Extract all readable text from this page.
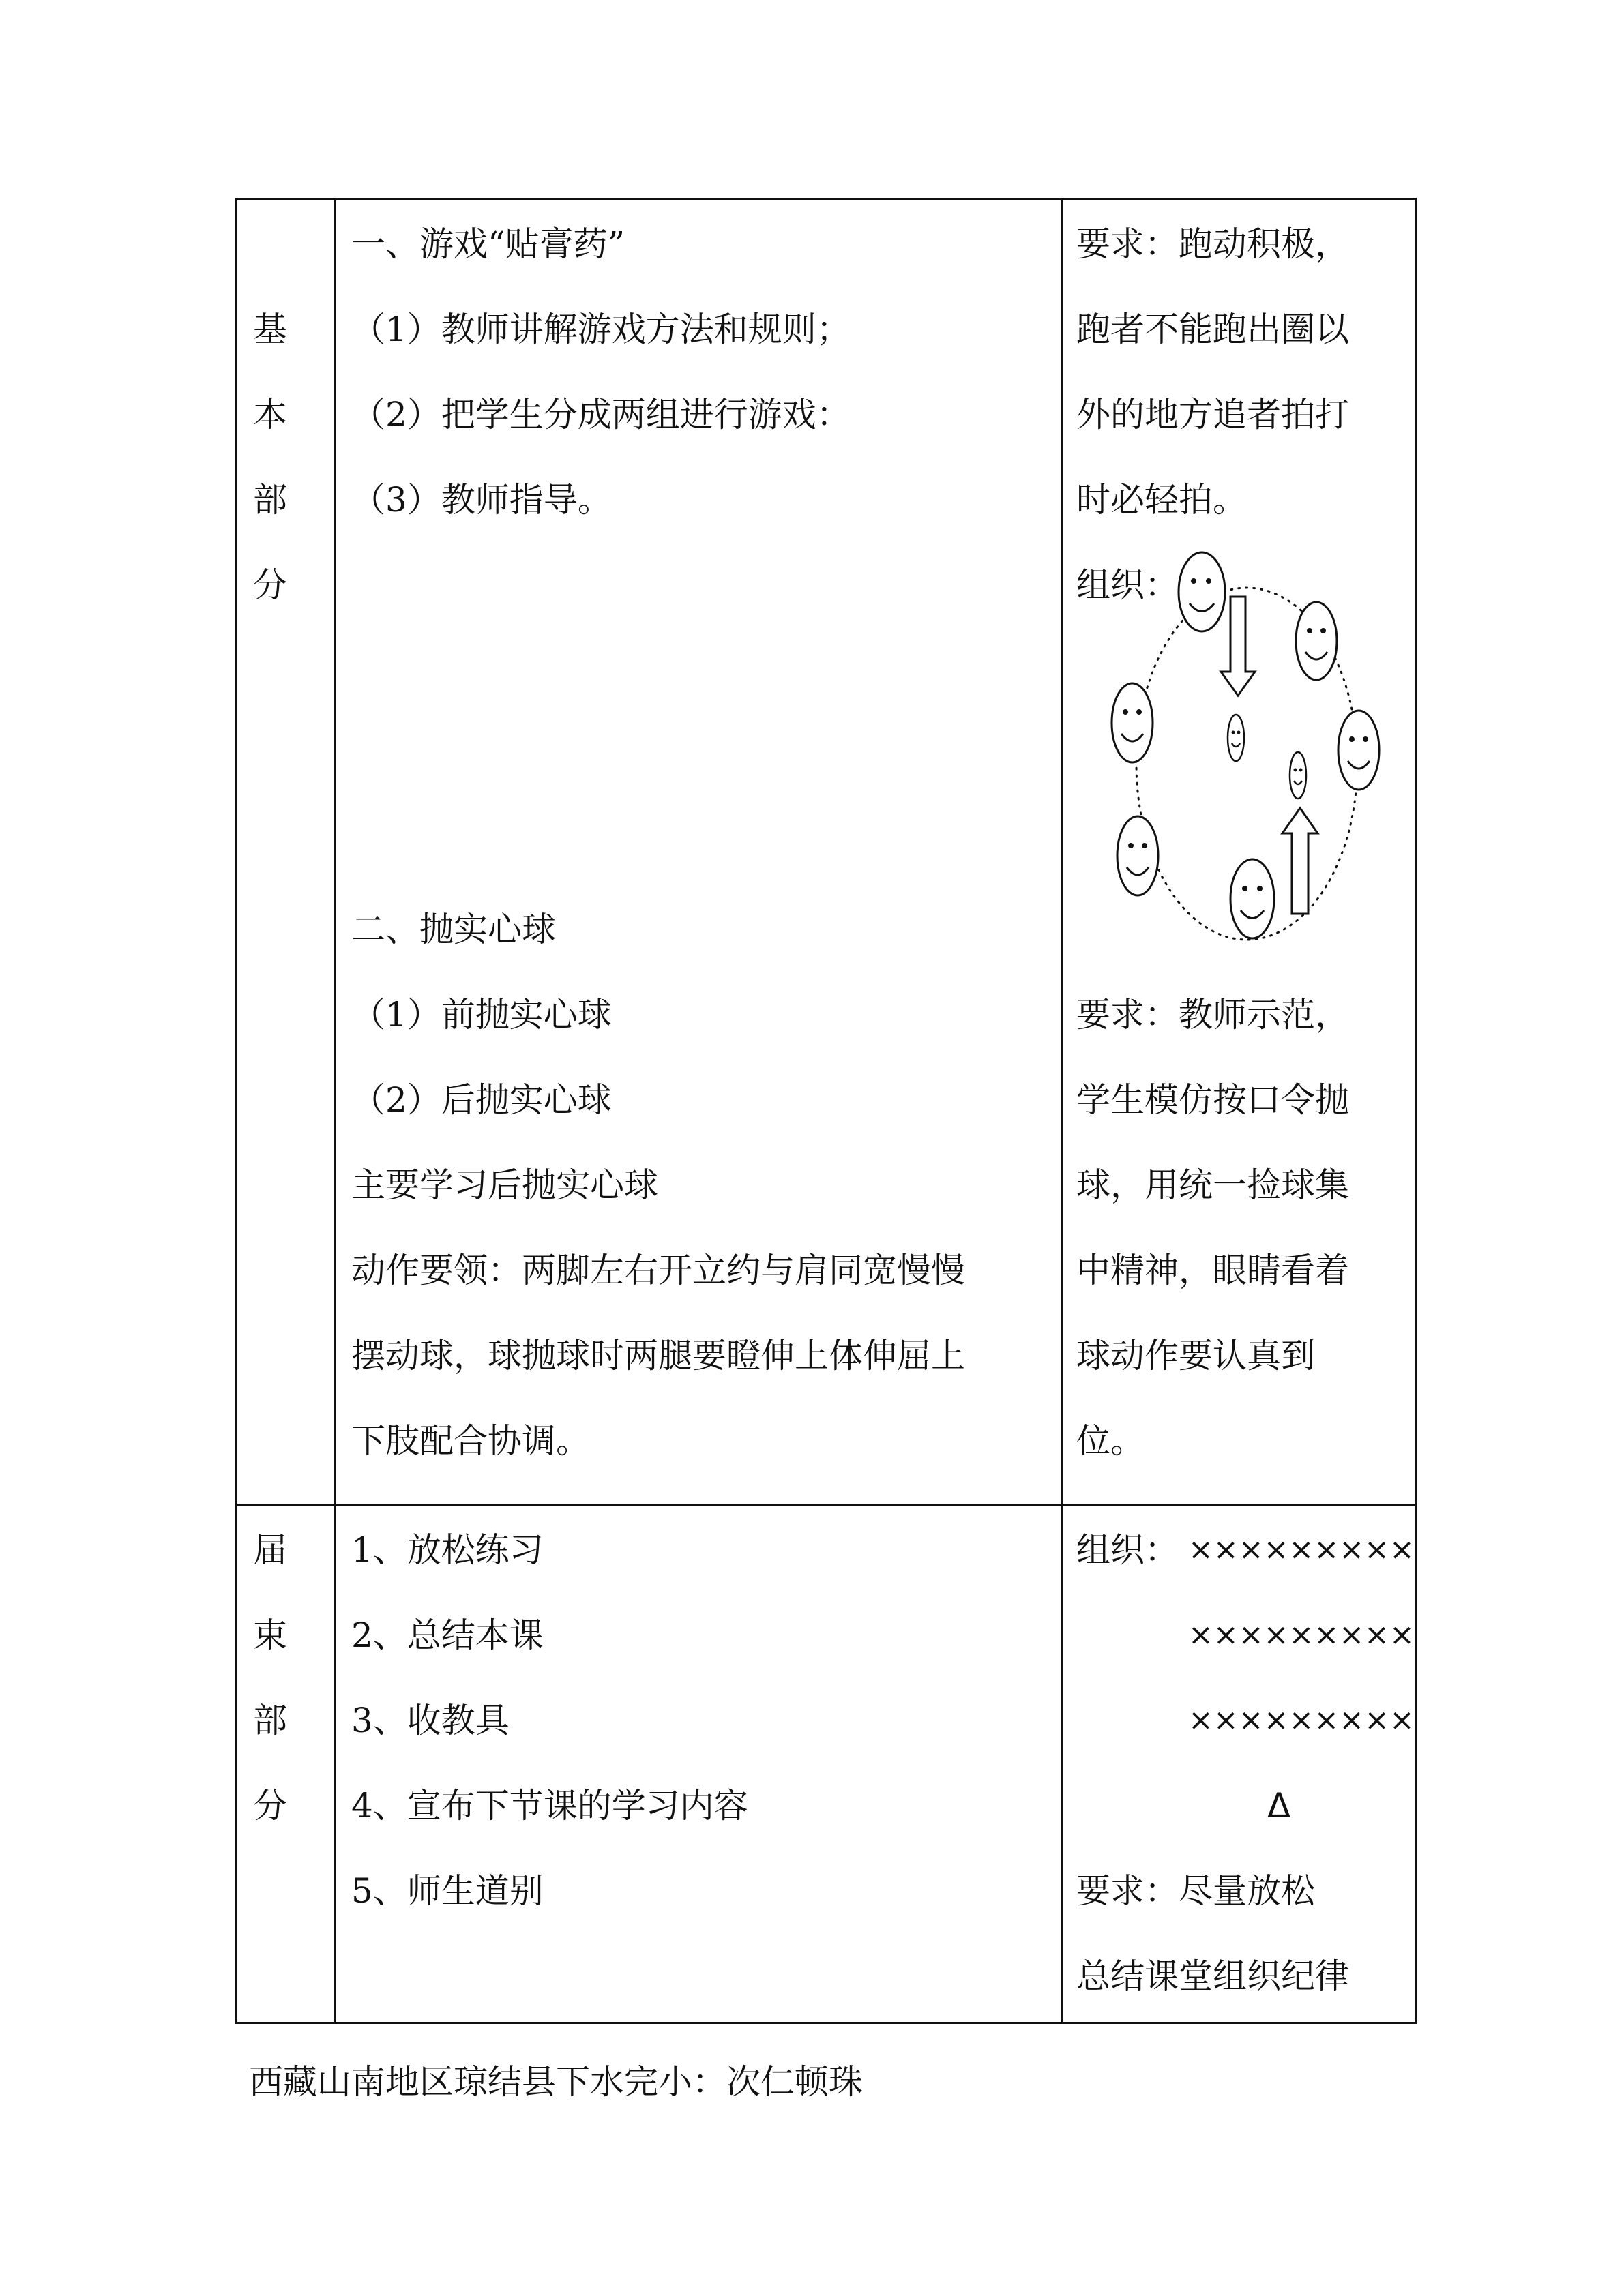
基
本
部
分
一、游戏“贴膏药”
（1）教师讲解游戏方法和规则；
（2）把学生分成两组进行游戏：
（3）教师指导。
二、抛实心球
（1）前抛实心球
（2）后抛实心球
主要学习后抛实心球
动作要领：两脚左右开立约与肩同宽慢慢
摆动球，球抛球时两腿要瞪伸上体伸屈上
下肢配合协调。
要求：跑动积极，
跑者不能跑出圈以
外的地方追者拍打
时必轻拍。
组织：
要求：教师示范，
学生模仿按口令抛
球，用统一捡球集
中精神，眼睛看着
球动作要认真到
位。
届
束
部
分
1、放松练习
2、总结本课
3、收教具
4、宣布下节课的学习内容
5、师生道别
组织： ×××××××××
×××××××××
×××××××××
Δ
要求：尽量放松
总结课堂组织纪律
西藏山南地区琼结县下水完小：次仁顿珠
